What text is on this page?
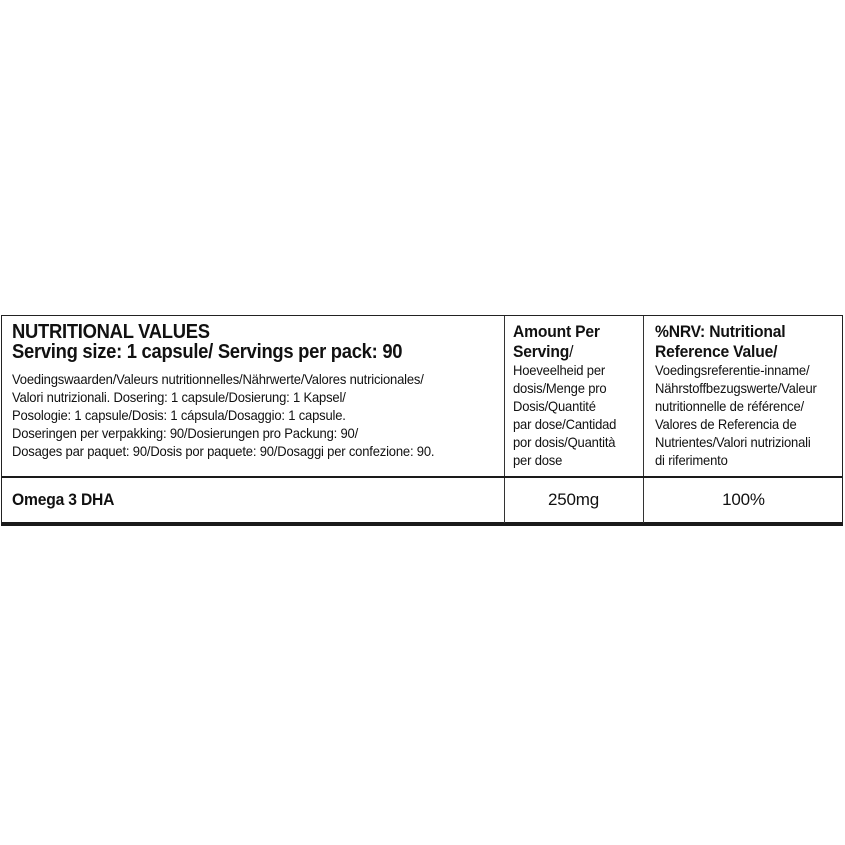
NUTRITIONAL VALUES
Serving size: 1 capsule/ Servings per pack: 90
Voedingswaarden/Valeurs nutritionnelles/Nährwerte/Valores nutricionales/
Valori nutrizionali. Dosering: 1 capsule/Dosierung: 1 Kapsel/
Posologie: 1 capsule/Dosis: 1 cápsula/Dosaggio: 1 capsule.
Doseringen per verpakking: 90/Dosierungen pro Packung: 90/
Dosages par paquet: 90/Dosis por paquete: 90/Dosaggi per confezione: 90.
Amount Per
Serving/
Hoeveelheid per
dosis/Menge pro
Dosis/Quantité
par dose/Cantidad
por dosis/Quantità
per dose
%NRV: Nutritional
Reference Value/
Voedingsreferentie-inname/
Nährstoffbezugswerte/Valeur
nutritionnelle de référence/
Valores de Referencia de
Nutrientes/Valori nutrizionali
di riferimento
Omega 3 DHA	250mg	100%
